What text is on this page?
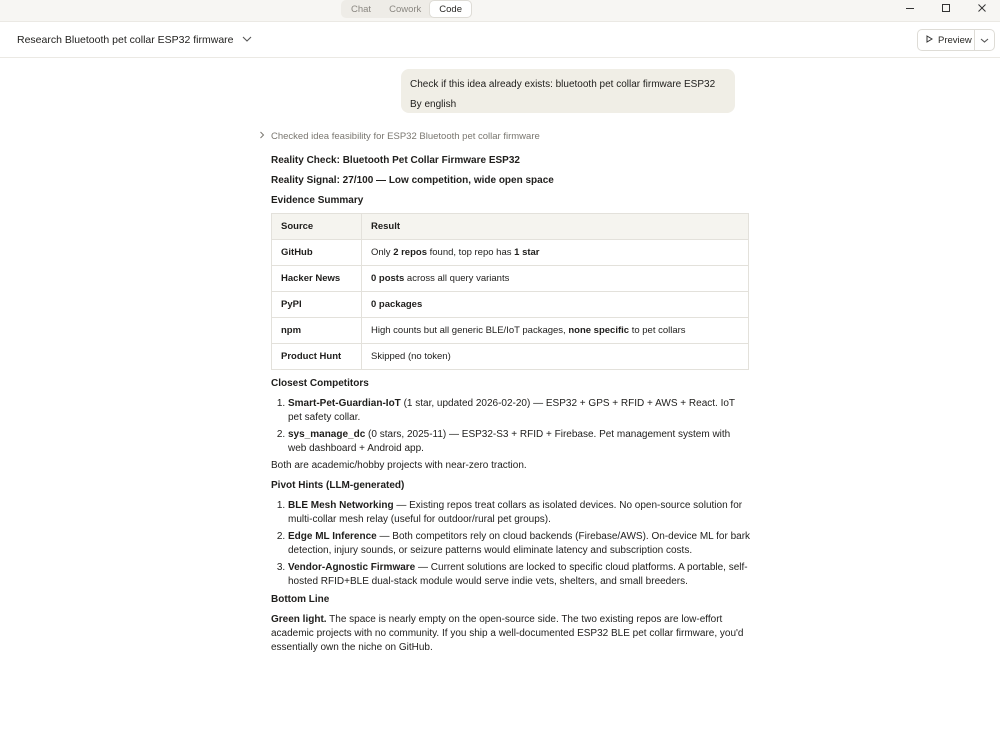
Chat	Cowork	Code
Research Bluetooth pet collar ESP32 firmware	Preview
Check if this idea already exists: bluetooth pet collar firmware ESP32
By english
Checked idea feasibility for ESP32 Bluetooth pet collar firmware
Reality Check: Bluetooth Pet Collar Firmware ESP32
Reality Signal: 27/100 — Low competition, wide open space
Evidence Summary
Source	Result
GitHub	Only 2 repos found, top repo has 1 star
Hacker News	0 posts across all query variants
PyPI	0 packages
npm	High counts but all generic BLE/IoT packages, none specific to pet collars
Product Hunt	Skipped (no token)
Closest Competitors
1. Smart-Pet-Guardian-IoT (1 star, updated 2026-02-20) — ESP32 + GPS + RFID + AWS + React. IoT pet safety collar.
2. sys_manage_dc (0 stars, 2025-11) — ESP32-S3 + RFID + Firebase. Pet management system with web dashboard + Android app.
Both are academic/hobby projects with near-zero traction.
Pivot Hints (LLM-generated)
1. BLE Mesh Networking — Existing repos treat collars as isolated devices. No open-source solution for multi-collar mesh relay (useful for outdoor/rural pet groups).
2. Edge ML Inference — Both competitors rely on cloud backends (Firebase/AWS). On-device ML for bark detection, injury sounds, or seizure patterns would eliminate latency and subscription costs.
3. Vendor-Agnostic Firmware — Current solutions are locked to specific cloud platforms. A portable, self-hosted RFID+BLE dual-stack module would serve indie vets, shelters, and small breeders.
Bottom Line
Green light. The space is nearly empty on the open-source side. The two existing repos are low-effort academic projects with no community. If you ship a well-documented ESP32 BLE pet collar firmware, you'd essentially own the niche on GitHub.
